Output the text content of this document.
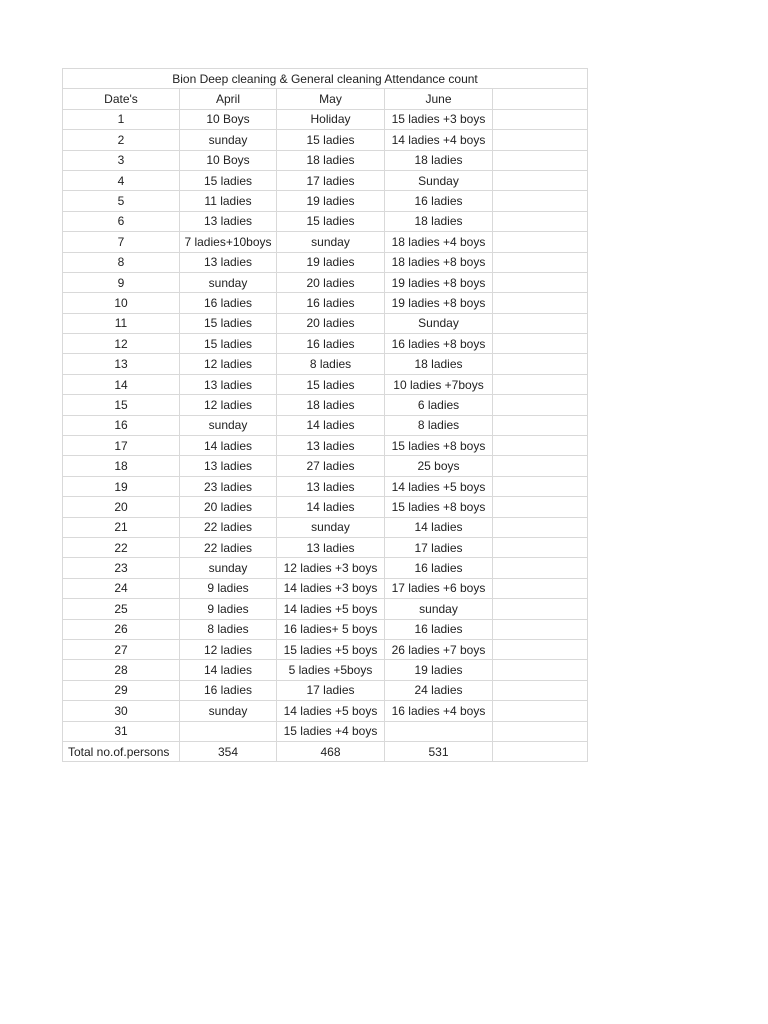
Bion Deep cleaning & General cleaning Attendance count				
Date's	April	May	June	
1	10 Boys	Holiday	15 ladies +3 boys	
2	sunday	15 ladies	14 ladies +4 boys	
3	10 Boys	18 ladies	18 ladies	
4	15 ladies	17 ladies	Sunday	
5	11 ladies	19 ladies	16 ladies	
6	13 ladies	15 ladies	18 ladies	
7	7 ladies+10boys	sunday	18 ladies +4 boys	
8	13 ladies	19 ladies	18 ladies +8 boys	
9	sunday	20 ladies	19 ladies +8 boys	
10	16 ladies	16 ladies	19 ladies +8 boys	
11	15 ladies	20 ladies	Sunday	
12	15 ladies	16 ladies	16 ladies +8 boys	
13	12 ladies	8 ladies	18 ladies	
14	13 ladies	15 ladies	10 ladies +7boys	
15	12 ladies	18 ladies	6 ladies	
16	sunday	14 ladies	8 ladies	
17	14 ladies	13 ladies	15 ladies +8 boys	
18	13 ladies	27 ladies	25 boys	
19	23 ladies	13 ladies	14 ladies +5 boys	
20	20 ladies	14 ladies	15 ladies +8 boys	
21	22 ladies	sunday	14 ladies	
22	22 ladies	13 ladies	17 ladies	
23	sunday	12 ladies +3 boys	16 ladies	
24	9 ladies	14 ladies +3 boys	17 ladies +6 boys	
25	9 ladies	14 ladies +5 boys	sunday	
26	8 ladies	16 ladies+ 5 boys	16 ladies	
27	12 ladies	15 ladies +5 boys	26 ladies +7 boys	
28	14 ladies	5 ladies +5boys	19 ladies	
29	16 ladies	17 ladies	24 ladies	
30	sunday	14 ladies +5 boys	16 ladies +4 boys	
31		15 ladies +4 boys		
Total no.of.persons	354	468	531	
